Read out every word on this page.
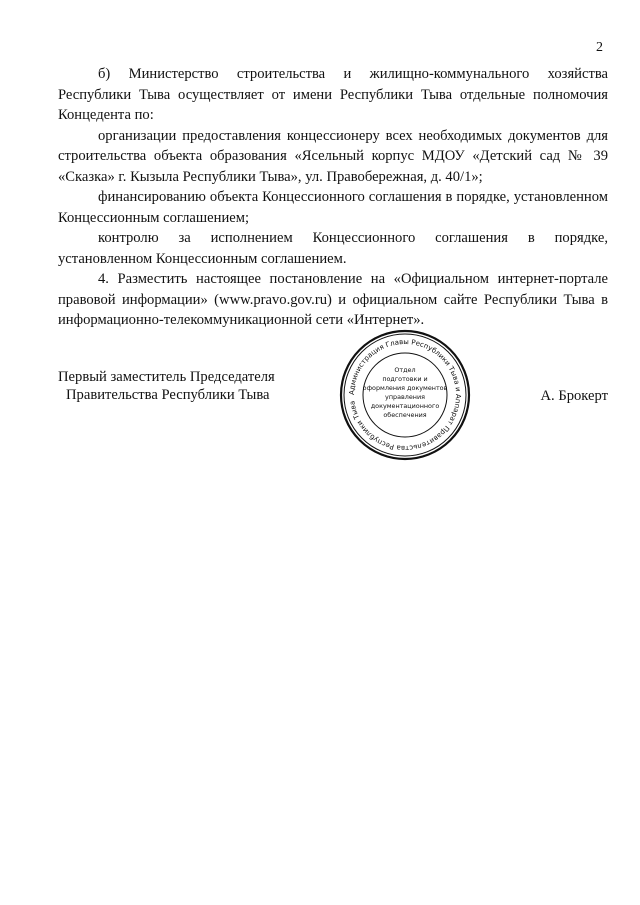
2

б) Министерство строительства и жилищно-коммунального хозяйства Республики Тыва осуществляет от имени Республики Тыва отдельные полномочия Концедента по:

организации предоставления концессионеру всех необходимых документов для строительства объекта образования «Ясельный корпус МДОУ «Детский сад № 39 «Сказка» г. Кызыла Республики Тыва», ул. Правобережная, д. 40/1»;

финансированию объекта Концессионного соглашения в порядке, установленном Концессионным соглашением;

контролю за исполнением Концессионного соглашения в порядке, установленном Концессионным соглашением.

4. Разместить настоящее постановление на «Официальном интернет-портале правовой информации» (www.pravo.gov.ru) и официальном сайте Республики Тыва в информационно-телекоммуникационной сети «Интернет».

Первый заместитель Председателя
Правительства Республики Тыва	А. Брокерт
Администрация Главы Республики Тыва и Аппарат Правительства Республики Тыва
Отдел
подготовки и
оформления документов
управления
документационного
обеспечения
